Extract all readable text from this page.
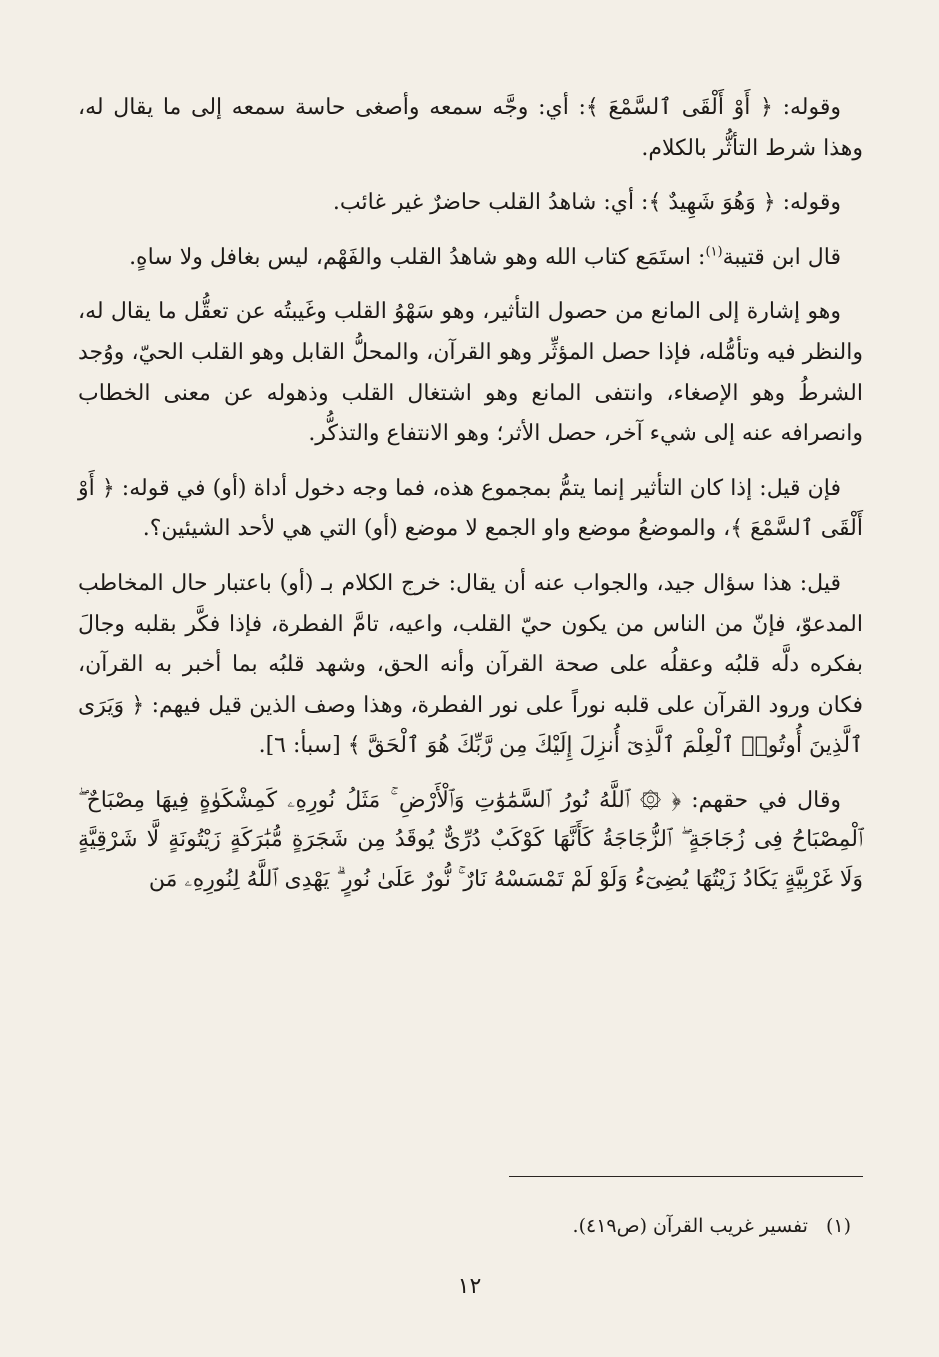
وقوله: ﴿ أَوْ أَلْقَى ٱلسَّمْعَ ﴾: أي: وجَّه سمعه وأصغى حاسة سمعه إلى ما يقال له، وهذا شرط التأثُّر بالكلام.

وقوله: ﴿ وَهُوَ شَهِيدٌ ﴾: أي: شاهدُ القلب حاضرٌ غير غائب.

قال ابن قتيبة$^{(١)}$: استَمَع كتاب الله وهو شاهدُ القلب والفَهْم، ليس بغافل ولا ساهٍ.

وهو إشارة إلى المانع من حصول التأثير، وهو سَهْوُ القلب وغَيبتُه عن تعقُّل ما يقال له، والنظر فيه وتأمُّله، فإذا حصل المؤثِّر وهو القرآن، والمحلُّ القابل وهو القلب الحيّ، ووُجد الشرطُ وهو الإصغاء، وانتفى المانع وهو اشتغال القلب وذهوله عن معنى الخطاب وانصرافه عنه إلى شيء آخر، حصل الأثر؛ وهو الانتفاع والتذكُّر.

فإن قيل: إذا كان التأثير إنما يتمُّ بمجموع هذه، فما وجه دخول أداة (أو) في قوله: ﴿ أَوْ أَلْقَى ٱلسَّمْعَ ﴾، والموضعُ موضع واو الجمع لا موضع (أو) التي هي لأحد الشيئين؟.

قيل: هذا سؤال جيد، والجواب عنه أن يقال: خرج الكلام بـ (أو) باعتبار حال المخاطب المدعوّ، فإنّ من الناس من يكون حيّ القلب، واعيه، تامَّ الفطرة، فإذا فكَّر بقلبه وجالَ بفكره دلَّه قلبُه وعقلُه على صحة القرآن وأنه الحق، وشهد قلبُه بما أخبر به القرآن، فكان ورود القرآن على قلبه نوراً على نور الفطرة، وهذا وصف الذين قيل فيهم: ﴿ وَيَرَى ٱلَّذِينَ أُوتُوا۟ ٱلْعِلْمَ ٱلَّذِىٓ أُنزِلَ إِلَيْكَ مِن رَّبِّكَ هُوَ ٱلْحَقَّ ﴾ [سبأ: ٦].

وقال في حقهم: ﴿ ۞ ٱللَّهُ نُورُ ٱلسَّمَٰوَٰتِ وَٱلْأَرْضِ ۚ مَثَلُ نُورِهِۦ كَمِشْكَوٰةٍ فِيهَا مِصْبَاحٌ ۖ ٱلْمِصْبَاحُ فِى زُجَاجَةٍ ۖ ٱلزُّجَاجَةُ كَأَنَّهَا كَوْكَبٌ دُرِّىٌّ يُوقَدُ مِن شَجَرَةٍ مُّبَٰرَكَةٍ زَيْتُونَةٍ لَّا شَرْقِيَّةٍ وَلَا غَرْبِيَّةٍ يَكَادُ زَيْتُهَا يُضِىٓءُ وَلَوْ لَمْ تَمْسَسْهُ نَارٌ ۚ نُّورٌ عَلَىٰ نُورٍ ۗ يَهْدِى ٱللَّهُ لِنُورِهِۦ مَن

(١)تفسير غريب القرآن (ص٤١٩).
١٢
